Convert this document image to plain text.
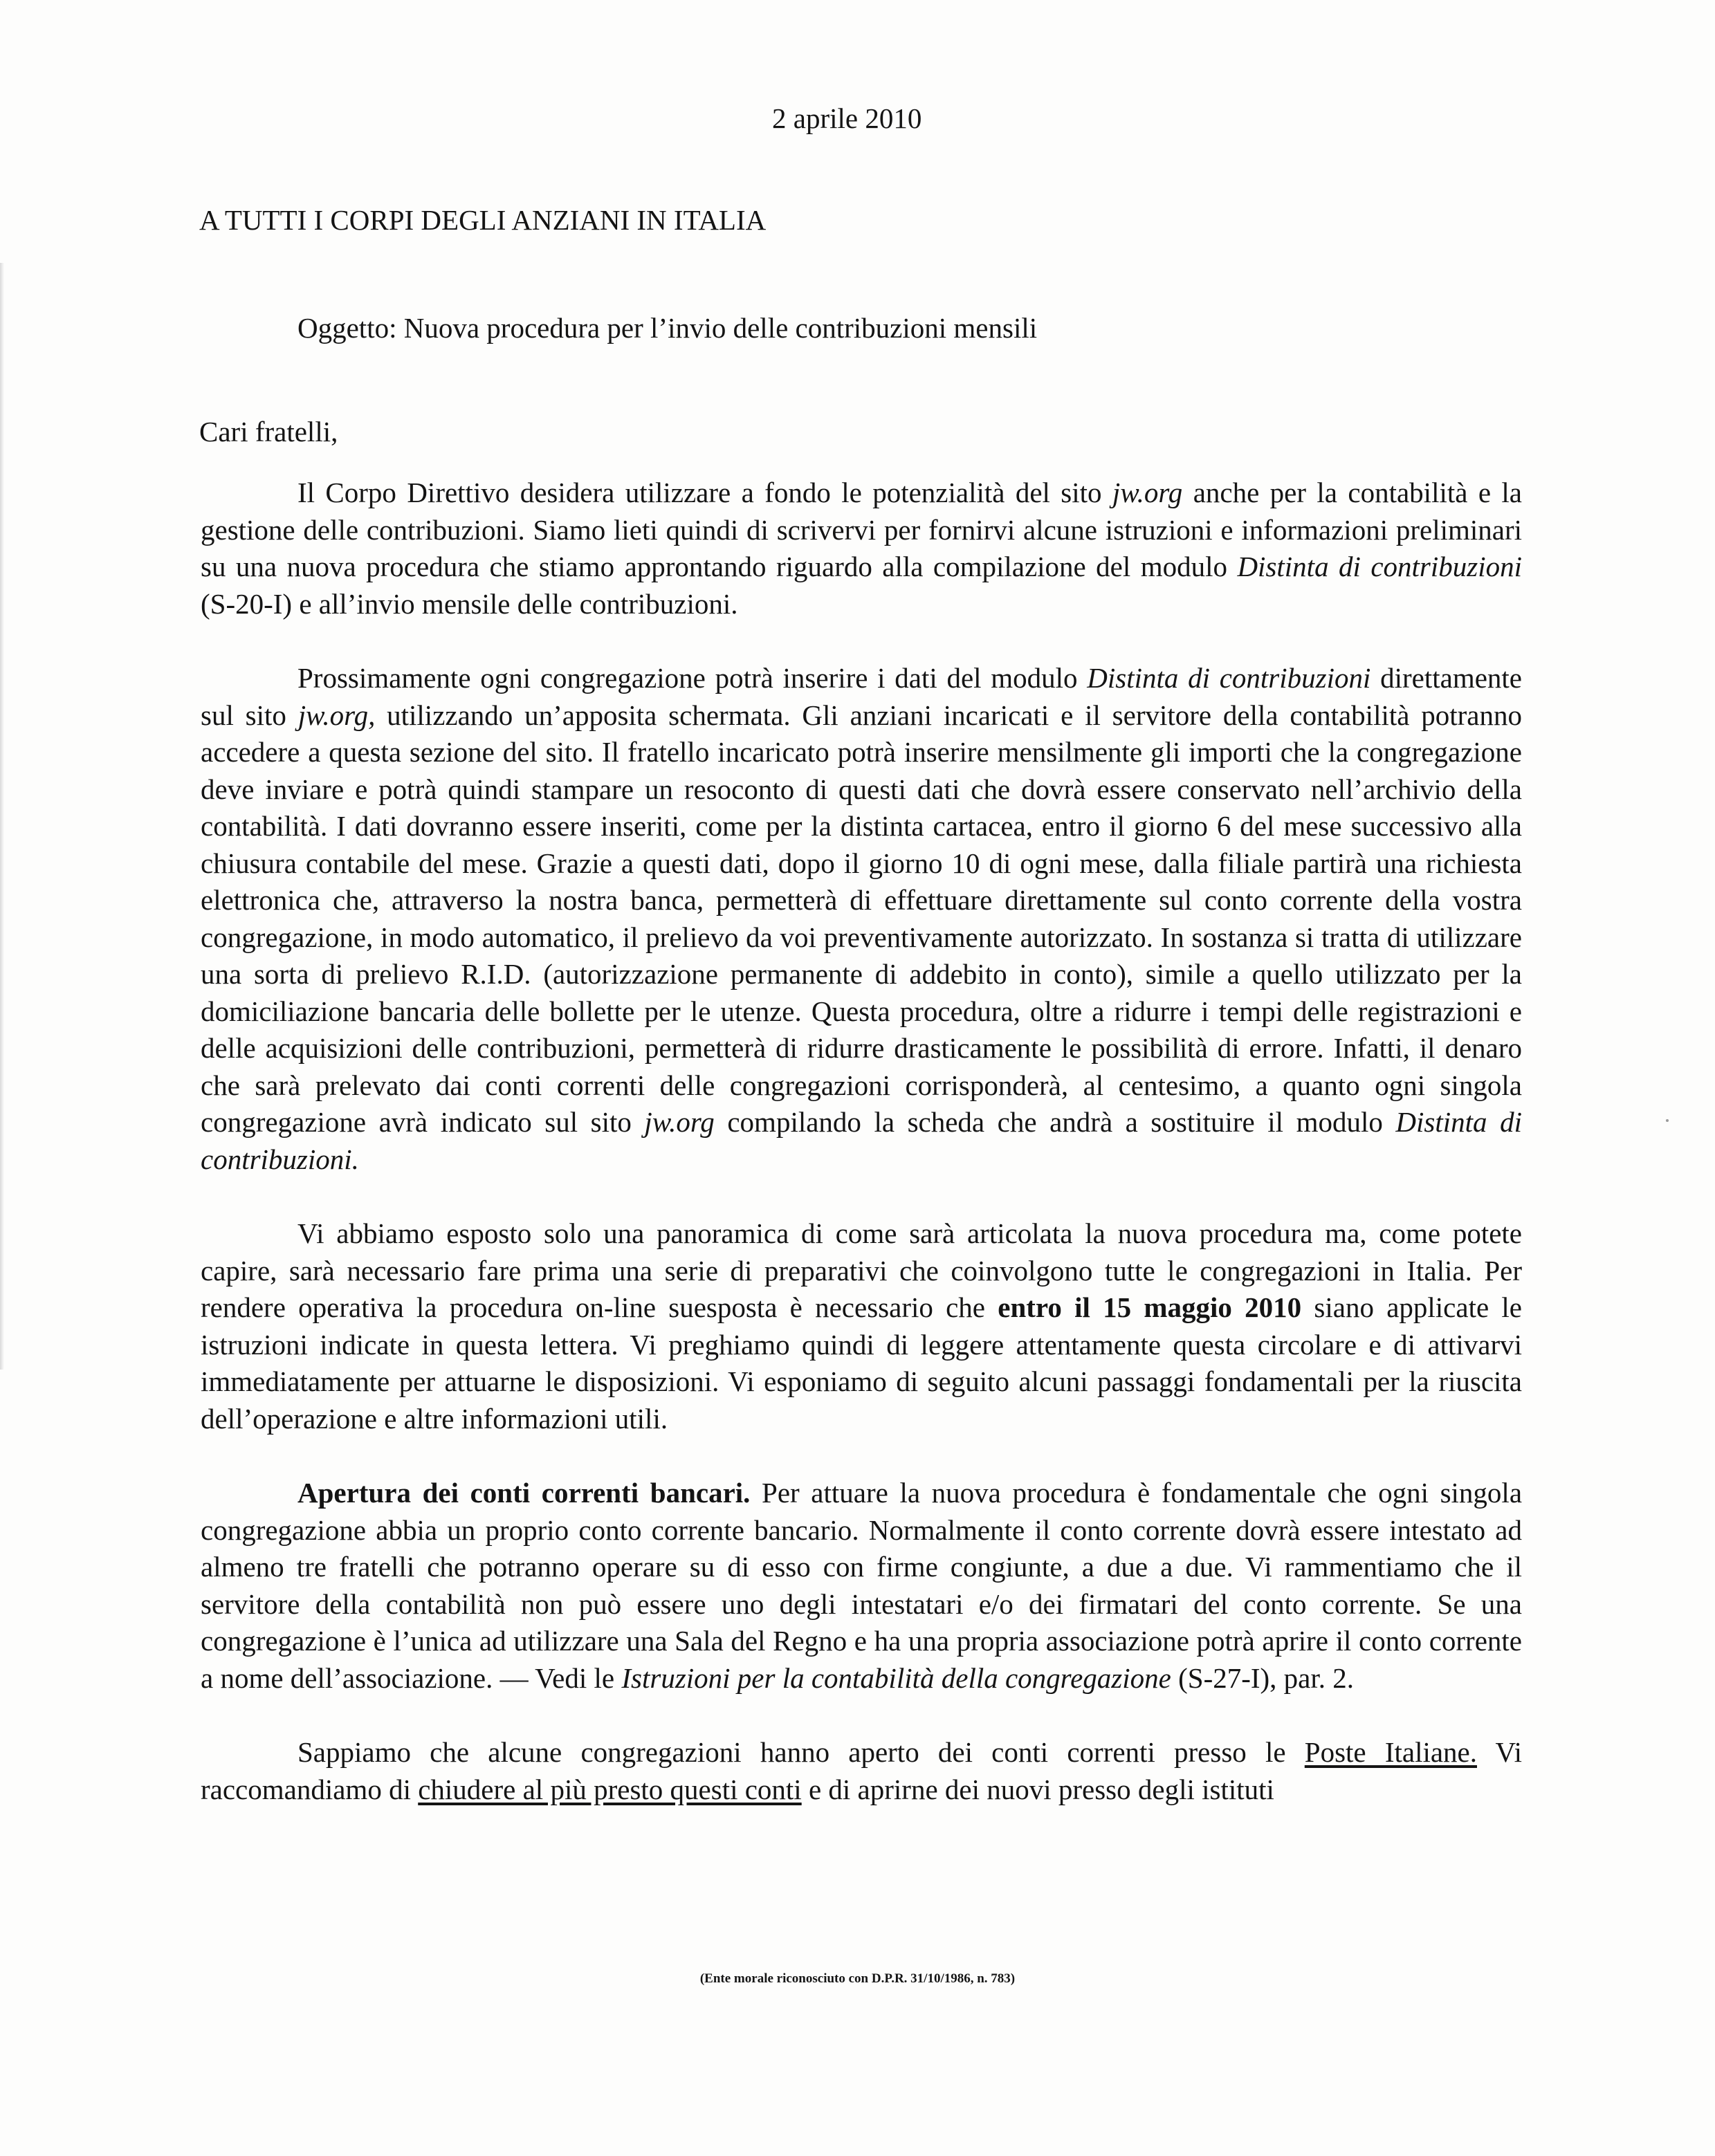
2 aprile 2010
A TUTTI I CORPI DEGLI ANZIANI IN ITALIA
Oggetto: Nuova procedura per l’invio delle contribuzioni mensili
Cari fratelli,

Il Corpo Direttivo desidera utilizzare a fondo le potenzialità del sito jw.org anche per la contabilità e la gestione delle contribuzioni. Siamo lieti quindi di scrivervi per fornirvi alcune istruzioni e informazioni preliminari su una nuova procedura che stiamo approntando riguardo alla compilazione del modulo Distinta di contribuzioni (S-20-I) e all’invio mensile delle contribuzioni.

Prossimamente ogni congregazione potrà inserire i dati del modulo Distinta di contribuzioni direttamente sul sito jw.org, utilizzando un’apposita schermata. Gli anziani incaricati e il servitore della contabilità potranno accedere a questa sezione del sito. Il fratello incaricato potrà inserire mensilmente gli importi che la congregazione deve inviare e potrà quindi stampare un resoconto di questi dati che dovrà essere conservato nell’archivio della contabilità. I dati dovranno essere inseriti, come per la distinta cartacea, entro il giorno 6 del mese successivo alla chiusura contabile del mese. Grazie a questi dati, dopo il giorno 10 di ogni mese, dalla filiale partirà una richiesta elettronica che, attraverso la nostra banca, permetterà di effettuare direttamente sul conto corrente della vostra congregazione, in modo automatico, il prelievo da voi preventivamente autorizzato. In sostanza si tratta di utilizzare una sorta di prelievo R.I.D. (autorizzazione permanente di addebito in conto), simile a quello utilizzato per la domiciliazione bancaria delle bollette per le utenze. Questa procedura, oltre a ridurre i tempi delle registrazioni e delle acquisizioni delle contribuzioni, permetterà di ridurre drasticamente le possibilità di errore. Infatti, il denaro che sarà prelevato dai conti correnti delle congregazioni corrisponderà, al centesimo, a quanto ogni singola congregazione avrà indicato sul sito jw.org compilando la scheda che andrà a sostituire il modulo Distinta di contribuzioni.

Vi abbiamo esposto solo una panoramica di come sarà articolata la nuova procedura ma, come potete capire, sarà necessario fare prima una serie di preparativi che coinvolgono tutte le congregazioni in Italia. Per rendere operativa la procedura on-line suesposta è necessario che entro il 15 maggio 2010 siano applicate le istruzioni indicate in questa lettera. Vi preghiamo quindi di leggere attentamente questa circolare e di attivarvi immediatamente per attuarne le disposizioni. Vi esponiamo di seguito alcuni passaggi fondamentali per la riuscita dell’operazione e altre informazioni utili.

Apertura dei conti correnti bancari. Per attuare la nuova procedura è fondamentale che ogni singola congregazione abbia un proprio conto corrente bancario. Normalmente il conto corrente dovrà essere intestato ad almeno tre fratelli che potranno operare su di esso con firme congiunte, a due a due. Vi rammentiamo che il servitore della contabilità non può essere uno degli intestatari e/o dei firmatari del conto corrente. Se una congregazione è l’unica ad utilizzare una Sala del Regno e ha una propria associazione potrà aprire il conto corrente a nome dell’associazione. — Vedi le Istruzioni per la contabilità della congregazione (S-27-I), par. 2.

Sappiamo che alcune congregazioni hanno aperto dei conti correnti presso le Poste Italiane. Vi raccomandiamo di chiudere al più presto questi conti e di aprirne dei nuovi presso degli istituti

(Ente morale riconosciuto con D.P.R. 31/10/1986, n. 783)
